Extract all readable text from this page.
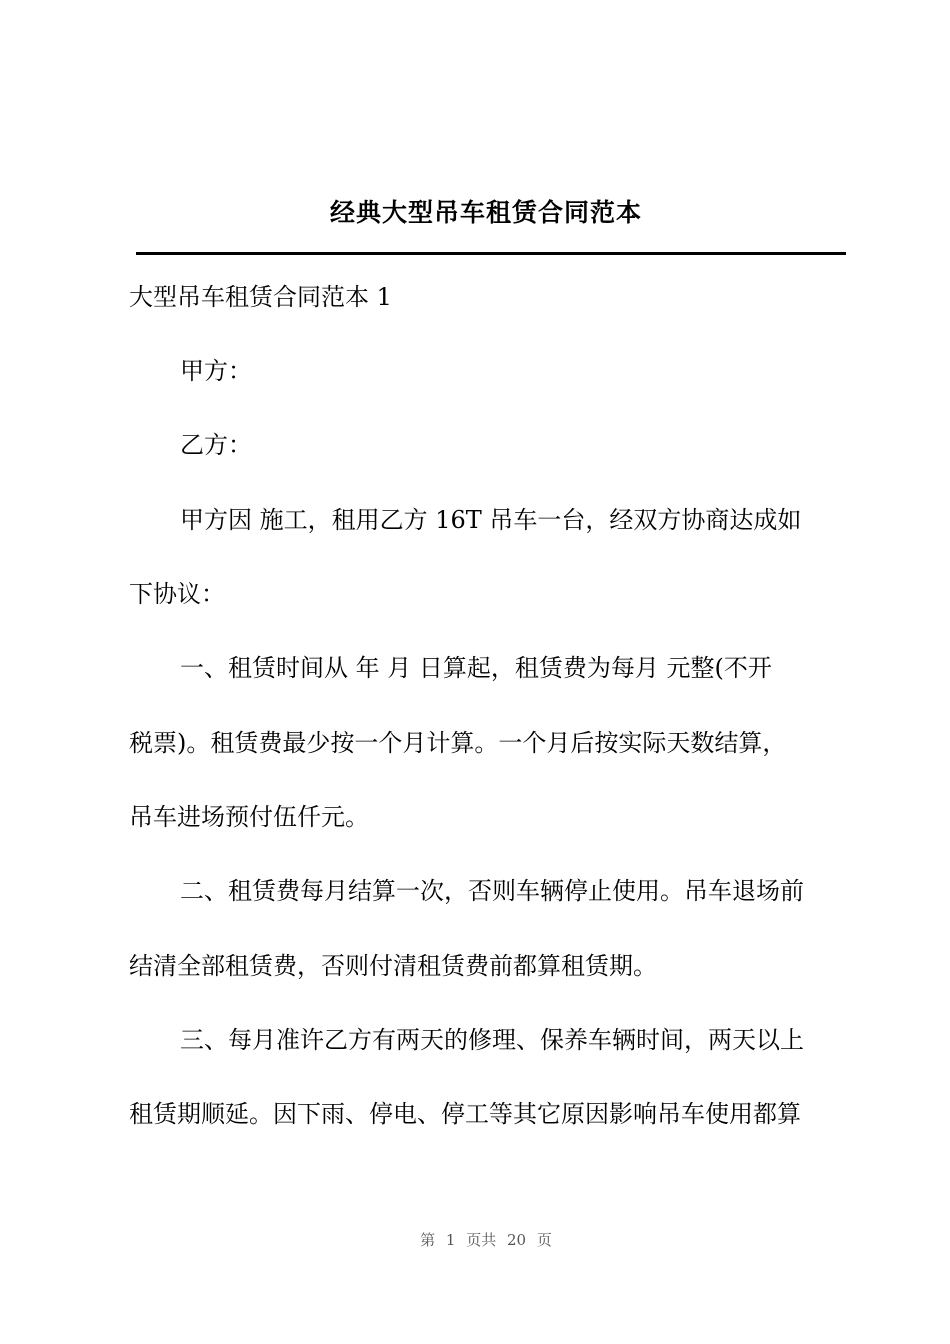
经典大型吊车租赁合同范本
大型吊车租赁合同范本 1
甲方：
乙方：
甲方因 施工，租用乙方 16T 吊车一台，经双方协商达成如
下协议：
一、租赁时间从 年 月 日算起，租赁费为每月 元整(不开
税票)。租赁费最少按一个月计算。一个月后按实际天数结算，
吊车进场预付伍仟元。
二、租赁费每月结算一次，否则车辆停止使用。吊车退场前
结清全部租赁费，否则付清租赁费前都算租赁期。
三、每月准许乙方有两天的修理、保养车辆时间，两天以上
租赁期顺延。因下雨、停电、停工等其它原因影响吊车使用都算
第 1 页共 20 页
